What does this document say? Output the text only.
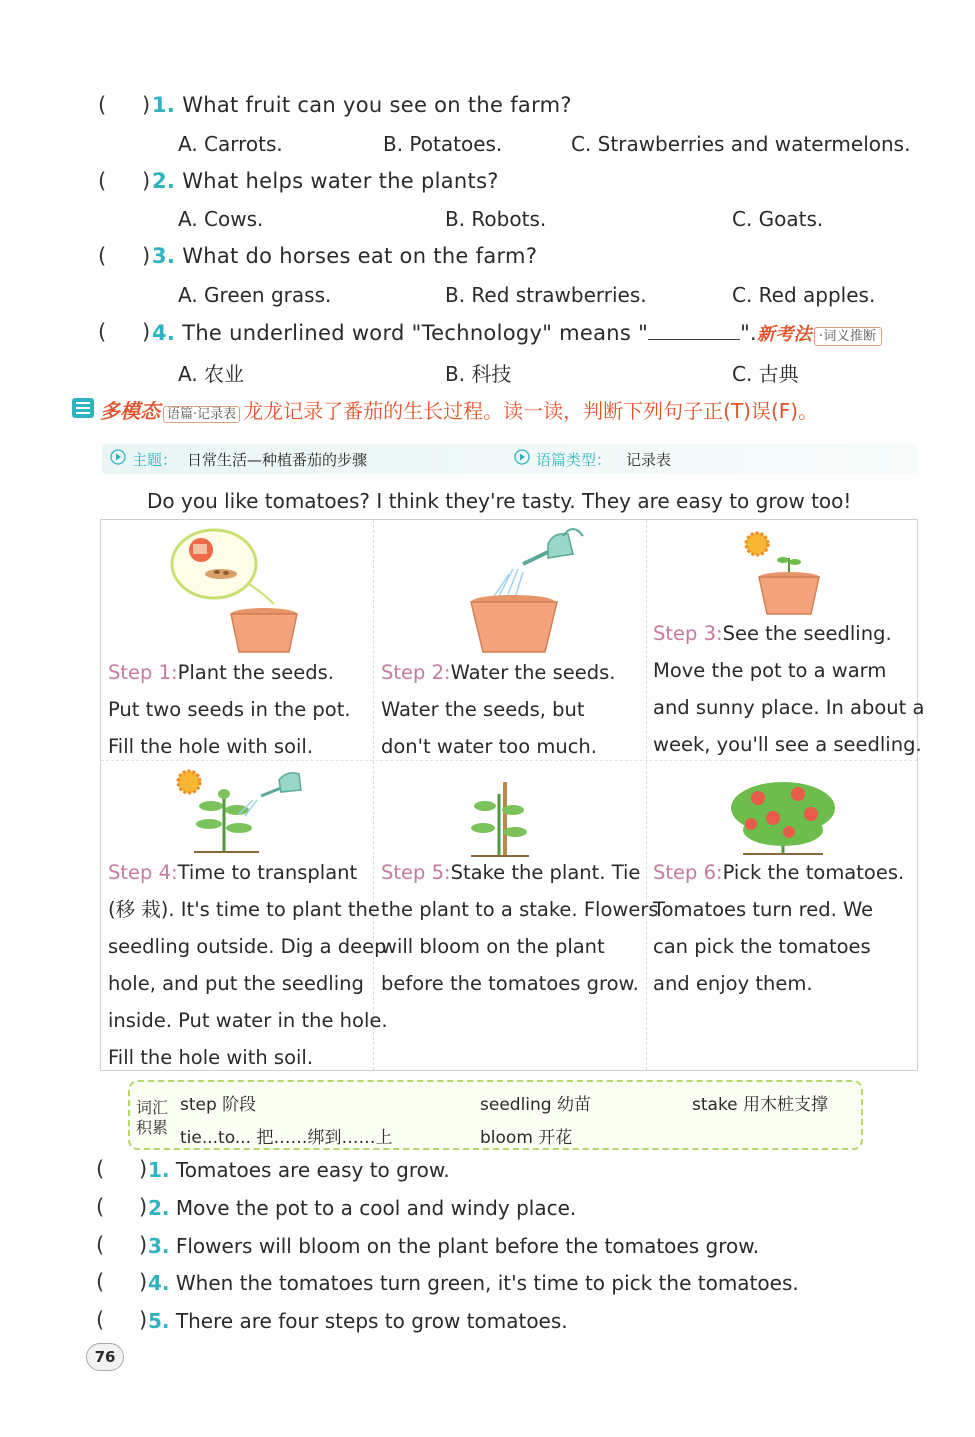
( ) 1. What fruit can you see on the farm?
A. Carrots.	B. Potatoes.	C. Strawberries and watermelons.
( ) 2. What helps water the plants?
A. Cows.	B. Robots.	C. Goats.
( ) 3. What do horses eat on the farm?
A. Green grass.	B. Red strawberries.	C. Red apples.
( ) 4. The underlined word "Technology" means "	".新考法 ·词义推断
A. 农业	B. 科技	C. 古典
多模态 语篇·记录表 龙龙记录了番茄的生长过程。读一读，判断下列句子正(T)误(F)。
主题： 日常生活—种植番茄的步骤	语篇类型： 记录表
Do you like tomatoes? I think they're tasty. They are easy to grow too!
Step 1:Plant the seeds.
Put two seeds in the pot.
Fill the hole with soil.
Step 2:Water the seeds.
Water the seeds, but
don't water too much.
Step 3:See the seedling.
Move the pot to a warm
and sunny place. In about a
week, you'll see a seedling.
Step 4:Time to transplant
(移 栽). It's time to plant the
seedling outside. Dig a deep
hole, and put the seedling
inside. Put water in the hole.
Fill the hole with soil.
Step 5:Stake the plant. Tie
the plant to a stake. Flowers
will bloom on the plant
before the tomatoes grow.
Step 6:Pick the tomatoes.
Tomatoes turn red. We
can pick the tomatoes
and enjoy them.
词汇
积累
step 阶段	seedling 幼苗	stake 用木桩支撑
tie...to... 把……绑到……上	bloom 开花
( ) 1. Tomatoes are easy to grow.
( ) 2. Move the pot to a cool and windy place.
( ) 3. Flowers will bloom on the plant before the tomatoes grow.
( ) 4. When the tomatoes turn green, it's time to pick the tomatoes.
( ) 5. There are four steps to grow tomatoes.
76
